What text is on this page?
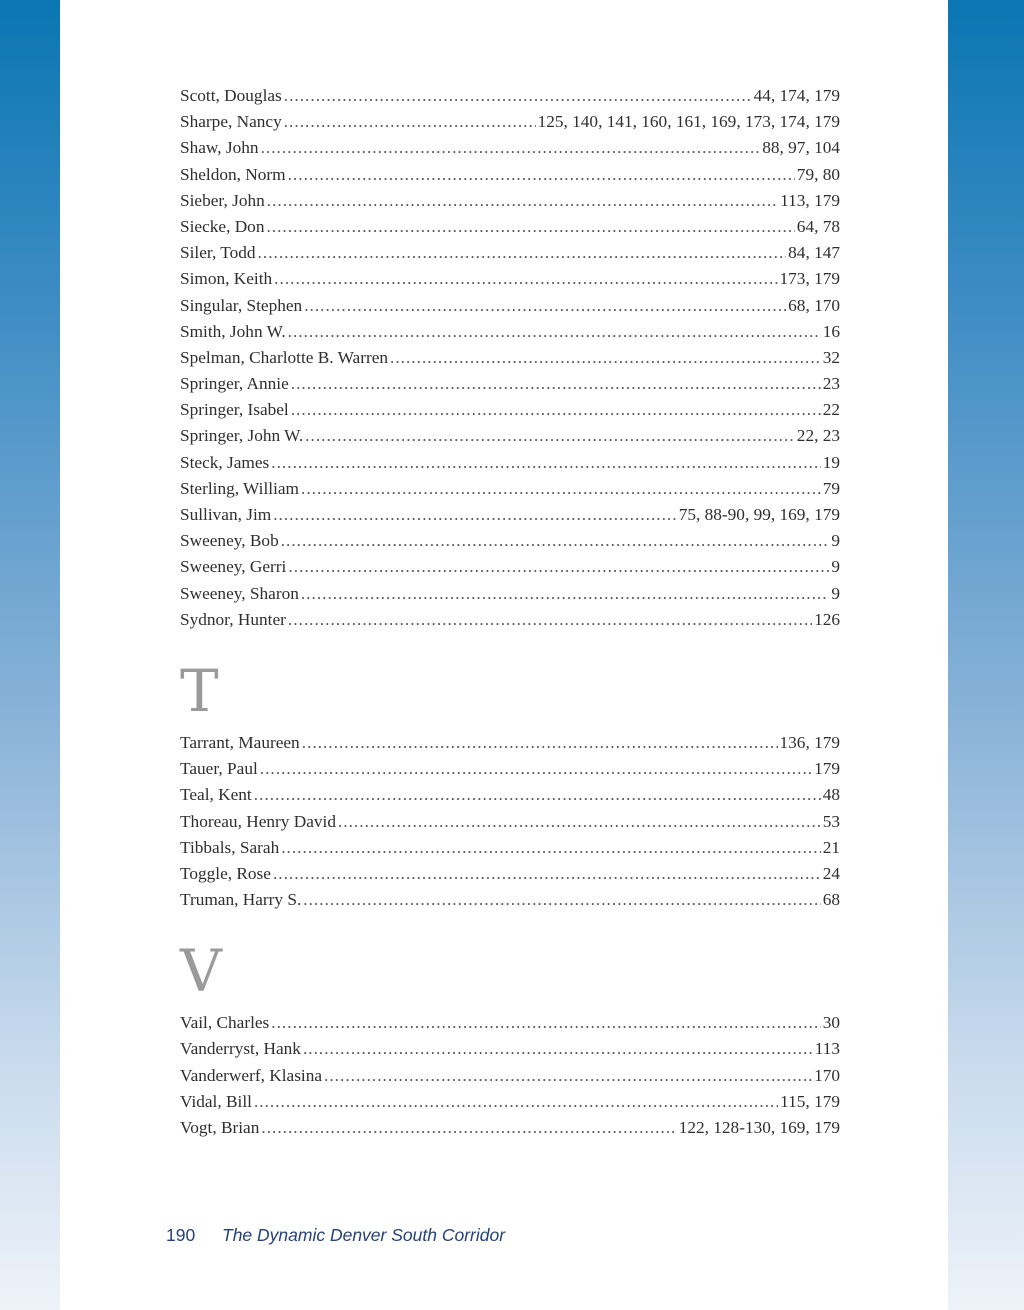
Scott, Douglas .....	44, 174, 179
Sharpe, Nancy .....	125, 140, 141, 160, 161, 169, 173, 174, 179
Shaw, John .....	88, 97, 104
Sheldon, Norm .....	79, 80
Sieber, John .....	113, 179
Siecke, Don .....	64, 78
Siler, Todd .....	84, 147
Simon, Keith .....	173, 179
Singular, Stephen .....	68, 170
Smith, John W. .....	16
Spelman, Charlotte B. Warren .....	32
Springer, Annie .....	23
Springer, Isabel .....	22
Springer, John W. .....	22, 23
Steck, James .....	19
Sterling, William .....	79
Sullivan, Jim .....	75, 88-90, 99, 169, 179
Sweeney, Bob .....	9
Sweeney, Gerri .....	9
Sweeney, Sharon .....	9
Sydnor, Hunter .....	126
T
Tarrant, Maureen .....	136, 179
Tauer, Paul .....	179
Teal, Kent .....	48
Thoreau, Henry David .....	53
Tibbals, Sarah .....	21
Toggle, Rose .....	24
Truman, Harry S. .....	68
V
Vail, Charles .....	30
Vanderryst, Hank .....	113
Vanderwerf, Klasina .....	170
Vidal, Bill .....	115, 179
Vogt, Brian .....	122, 128-130, 169, 179
190 The Dynamic Denver South Corridor
